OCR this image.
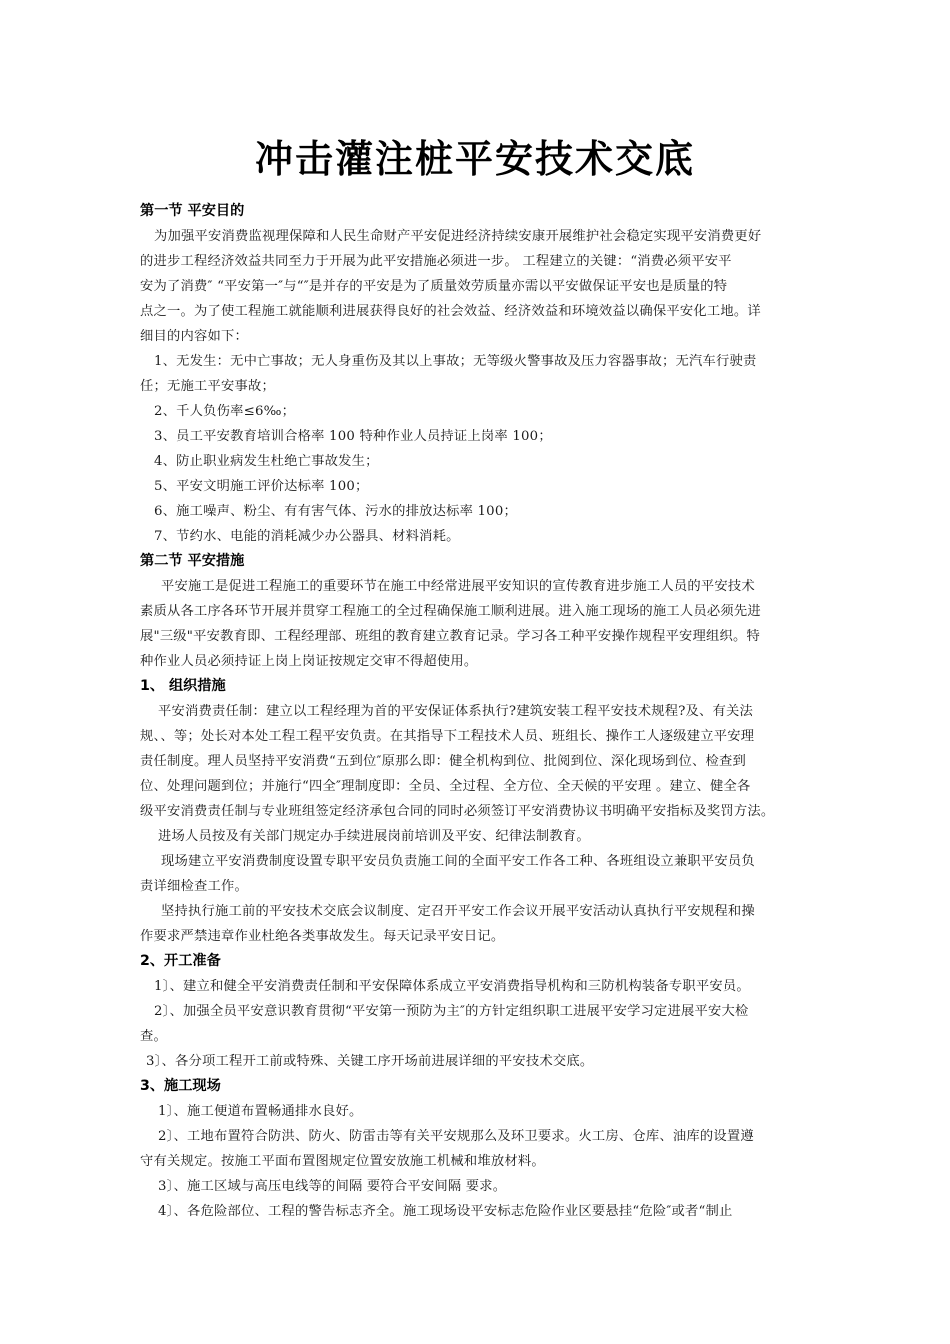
冲击灌注桩平安技术交底
第一节 平安目的
为加强平安消费监视理保障和人民生命财产平安促进经济持续安康开展维护社会稳定实现平安消费更好
的进步工程经济效益共同至力于开展为此平安措施必须进一步。 工程建立的关键：“消费必须平安平
安为了消费″ “平安第一″与“″是并存的平安是为了质量效劳质量亦需以平安做保证平安也是质量的特
点之一。为了使工程施工就能顺利进展获得良好的社会效益、经济效益和环境效益以确保平安化工地。详
细目的内容如下：
1、无发生：无中亡事故；无人身重伤及其以上事故；无等级火警事故及压力容器事故；无汽车行驶责
任；无施工平安事故；
2、千人负伤率≤6‰；
3、员工平安教育培训合格率 100 特种作业人员持证上岗率 100；
4、防止职业病发生杜绝亡事故发生；
5、平安文明施工评价达标率 100；
6、施工噪声、粉尘、有有害气体、污水的排放达标率 100；
7、节约水、电能的消耗减少办公器具、材料消耗。
第二节 平安措施
平安施工是促进工程施工的重要环节在施工中经常进展平安知识的宣传教育进步施工人员的平安技术
素质从各工序各环节开展并贯穿工程施工的全过程确保施工顺利进展。进入施工现场的施工人员必须先进
展"三级"平安教育即、工程经理部、班组的教育建立教育记录。学习各工种平安操作规程平安理组织。特
种作业人员必须持证上岗上岗证按规定交审不得超使用。
1、 组织措施
平安消费责任制：建立以工程经理为首的平安保证体系执行?建筑安装工程平安技术规程?及、有关法
规、、等；处长对本处工程工程平安负责。在其指导下工程技术人员、班组长、操作工人逐级建立平安理
责任制度。理人员坚持平安消费“五到位″原那么即：健全机构到位、批阅到位、深化现场到位、检查到
位、处理问题到位；并施行“四全″理制度即：全员、全过程、全方位、全天候的平安理 。建立、健全各
级平安消费责任制与专业班组签定经济承包合同的同时必须签订平安消费协议书明确平安指标及奖罚方法。
进场人员按及有关部门规定办手续进展岗前培训及平安、纪律法制教育。
现场建立平安消费制度设置专职平安员负责施工间的全面平安工作各工种、各班组设立兼职平安员负
责详细检查工作。
坚持执行施工前的平安技术交底会议制度、定召开平安工作会议开展平安活动认真执行平安规程和操
作要求严禁违章作业杜绝各类事故发生。每天记录平安日记。
2、开工准备
1〕、建立和健全平安消费责任制和平安保障体系成立平安消费指导机构和三防机构装备专职平安员。
2〕、加强全员平安意识教育贯彻“平安第一预防为主″的方针定组织职工进展平安学习定进展平安大检
查。
3〕、各分项工程开工前或特殊、关键工序开场前进展详细的平安技术交底。
3、施工现场
1〕、施工便道布置畅通排水良好。
2〕、工地布置符合防洪、防火、防雷击等有关平安规那么及环卫要求。火工房、仓库、油库的设置遵
守有关规定。按施工平面布置图规定位置安放施工机械和堆放材料。
3〕、施工区域与高压电线等的间隔 要符合平安间隔 要求。
4〕、各危险部位、工程的警告标志齐全。施工现场设平安标志危险作业区要悬挂“危险″或者“制止
